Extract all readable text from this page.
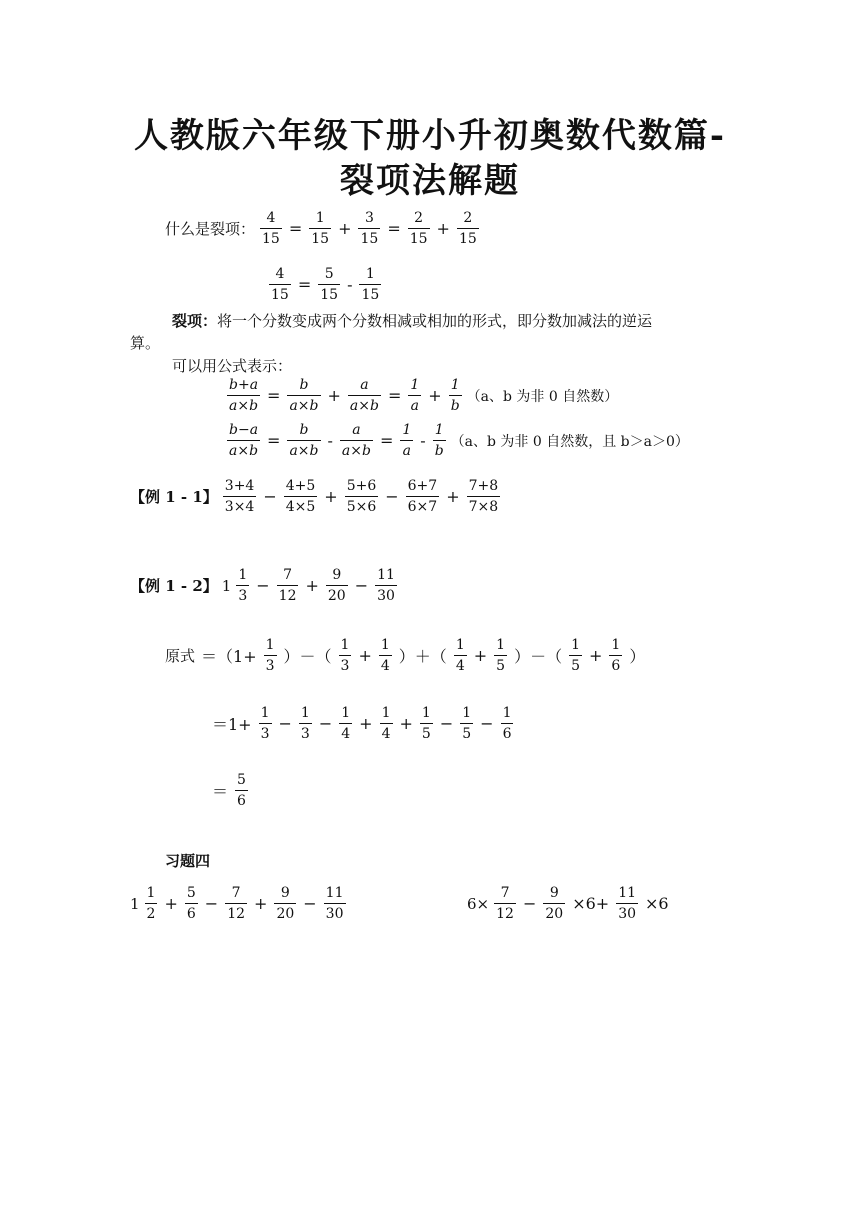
人教版六年级下册小升初奥数代数篇-
裂项法解题
什么是裂项： $\frac{4}{15} = \frac{1}{15} + \frac{3}{15} = \frac{2}{15} + \frac{2}{15}$
$\frac{4}{15} = \frac{5}{15} - \frac{1}{15}$
裂项：将一个分数变成两个分数相减或相加的形式，即分数加减法的逆运
算。
可以用公式表示：
$\frac{b+a}{a\times b} = \frac{b}{a\times b} + \frac{a}{a\times b} = \frac{1}{a} + \frac{1}{b} (a$、b 为非 0 自然数）
$\frac{b-a}{a\times b} = \frac{b}{a\times b} - \frac{a}{a\times b} = \frac{1}{a} - \frac{1}{b} (a$、b 为非 0 自然数，且 b＞a＞0）
【例 1 - 1】 $\frac{3+4}{3\times 4} - \frac{4+5}{4\times 5} + \frac{5+6}{5\times 6} - \frac{6+7}{6\times 7} + \frac{7+8}{7\times 8}$
【例 1 - 2】 $1 \frac{1}{3} - \frac{7}{12} + \frac{9}{20} - \frac{11}{30}$
原式 $=(1+ \frac{1}{3}$ ）－（ $\frac{1}{3} + \frac{1}{4}$ ）＋（ $\frac{1}{4} + \frac{1}{5}$ ）－（ $\frac{1}{5} + \frac{1}{6}$ ）
$=1+ \frac{1}{3} - \frac{1}{3} - \frac{1}{4} + \frac{1}{4} + \frac{1}{5} - \frac{1}{5} - \frac{1}{6}$
＝ $\frac{5}{6}$
习题四
$1 \frac{1}{2} + \frac{5}{6} - \frac{7}{12} + \frac{9}{20} - \frac{11}{30}$	$6\times \frac{7}{12} - \frac{9}{20} \times 6+ \frac{11}{30} \times 6$
